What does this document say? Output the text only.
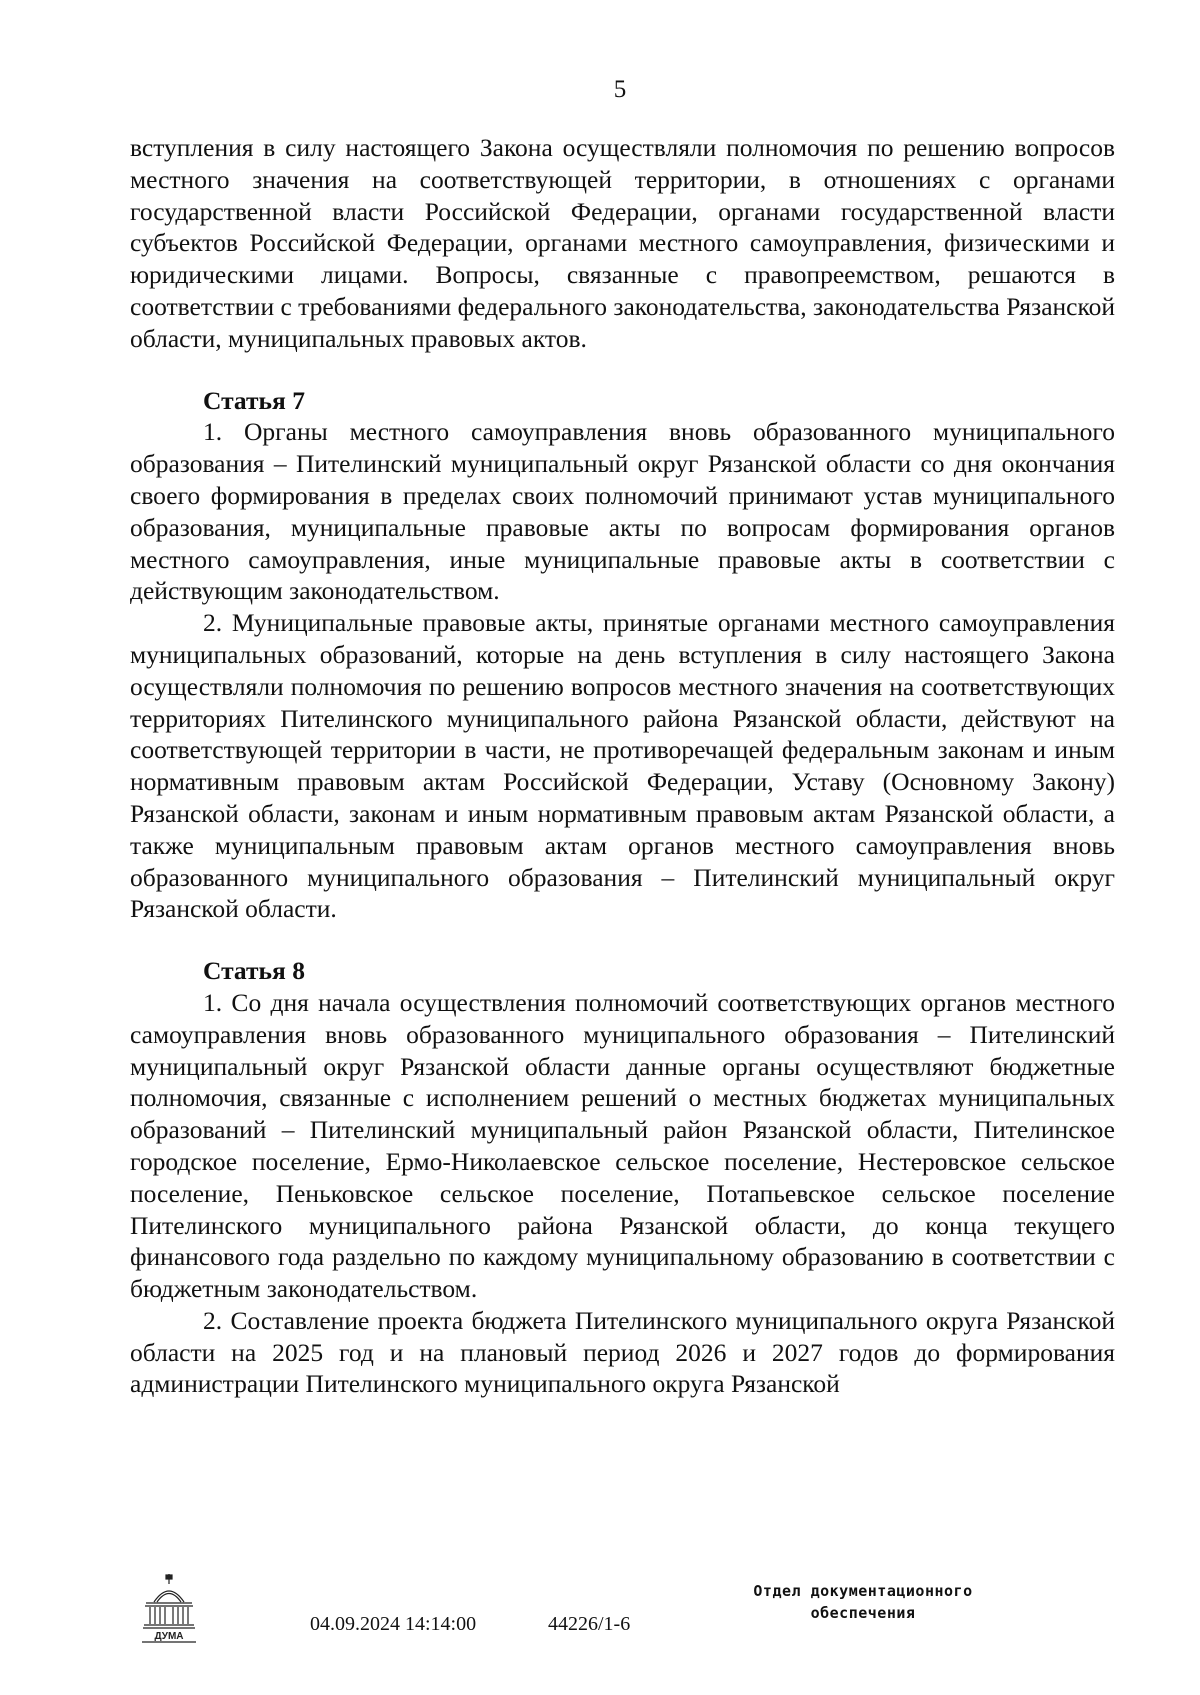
5

вступления в силу настоящего Закона осуществляли полномочия по решению вопросов местного значения на соответствующей территории, в отношениях с органами государственной власти Российской Федерации, органами государственной власти субъектов Российской Федерации, органами местного самоуправления, физическими и юридическими лицами. Вопросы, связанные с правопреемством, решаются в соответствии с требованиями федерального законодательства, законодательства Рязанской области, муниципальных правовых актов.

Статья 7

1. Органы местного самоуправления вновь образованного муниципального образования – Пителинский муниципальный округ Рязанской области со дня окончания своего формирования в пределах своих полномочий принимают устав муниципального образования, муниципальные правовые акты по вопросам формирования органов местного самоуправления, иные муниципальные правовые акты в соответствии с действующим законодательством.

2. Муниципальные правовые акты, принятые органами местного самоуправления муниципальных образований, которые на день вступления в силу настоящего Закона осуществляли полномочия по решению вопросов местного значения на соответствующих территориях Пителинского муниципального района Рязанской области, действуют на соответствующей территории в части, не противоречащей федеральным законам и иным нормативным правовым актам Российской Федерации, Уставу (Основному Закону) Рязанской области, законам и иным нормативным правовым актам Рязанской области, а также муниципальным правовым актам органов местного самоуправления вновь образованного муниципального образования – Пителинский муниципальный округ Рязанской области.

Статья 8

1. Со дня начала осуществления полномочий соответствующих органов местного самоуправления вновь образованного муниципального образования – Пителинский муниципальный округ Рязанской области данные органы осуществляют бюджетные полномочия, связанные с исполнением решений о местных бюджетах муниципальных образований – Пителинский муниципальный район Рязанской области, Пителинское городское поселение, Ермо-Николаевское сельское поселение, Нестеровское сельское поселение, Пеньковское сельское поселение, Потапьевское сельское поселение Пителинского муниципального района Рязанской области, до конца текущего финансового года раздельно по каждому муниципальному образованию в соответствии с бюджетным законодательством.

2. Составление проекта бюджета Пителинского муниципального округа Рязанской области на 2025 год и на плановый период 2026 и 2027 годов до формирования администрации Пителинского муниципального округа Рязанской

ДУМА
04.09.2024 14:14:00	44226/1-6
Отдел документационного
обеспечения
